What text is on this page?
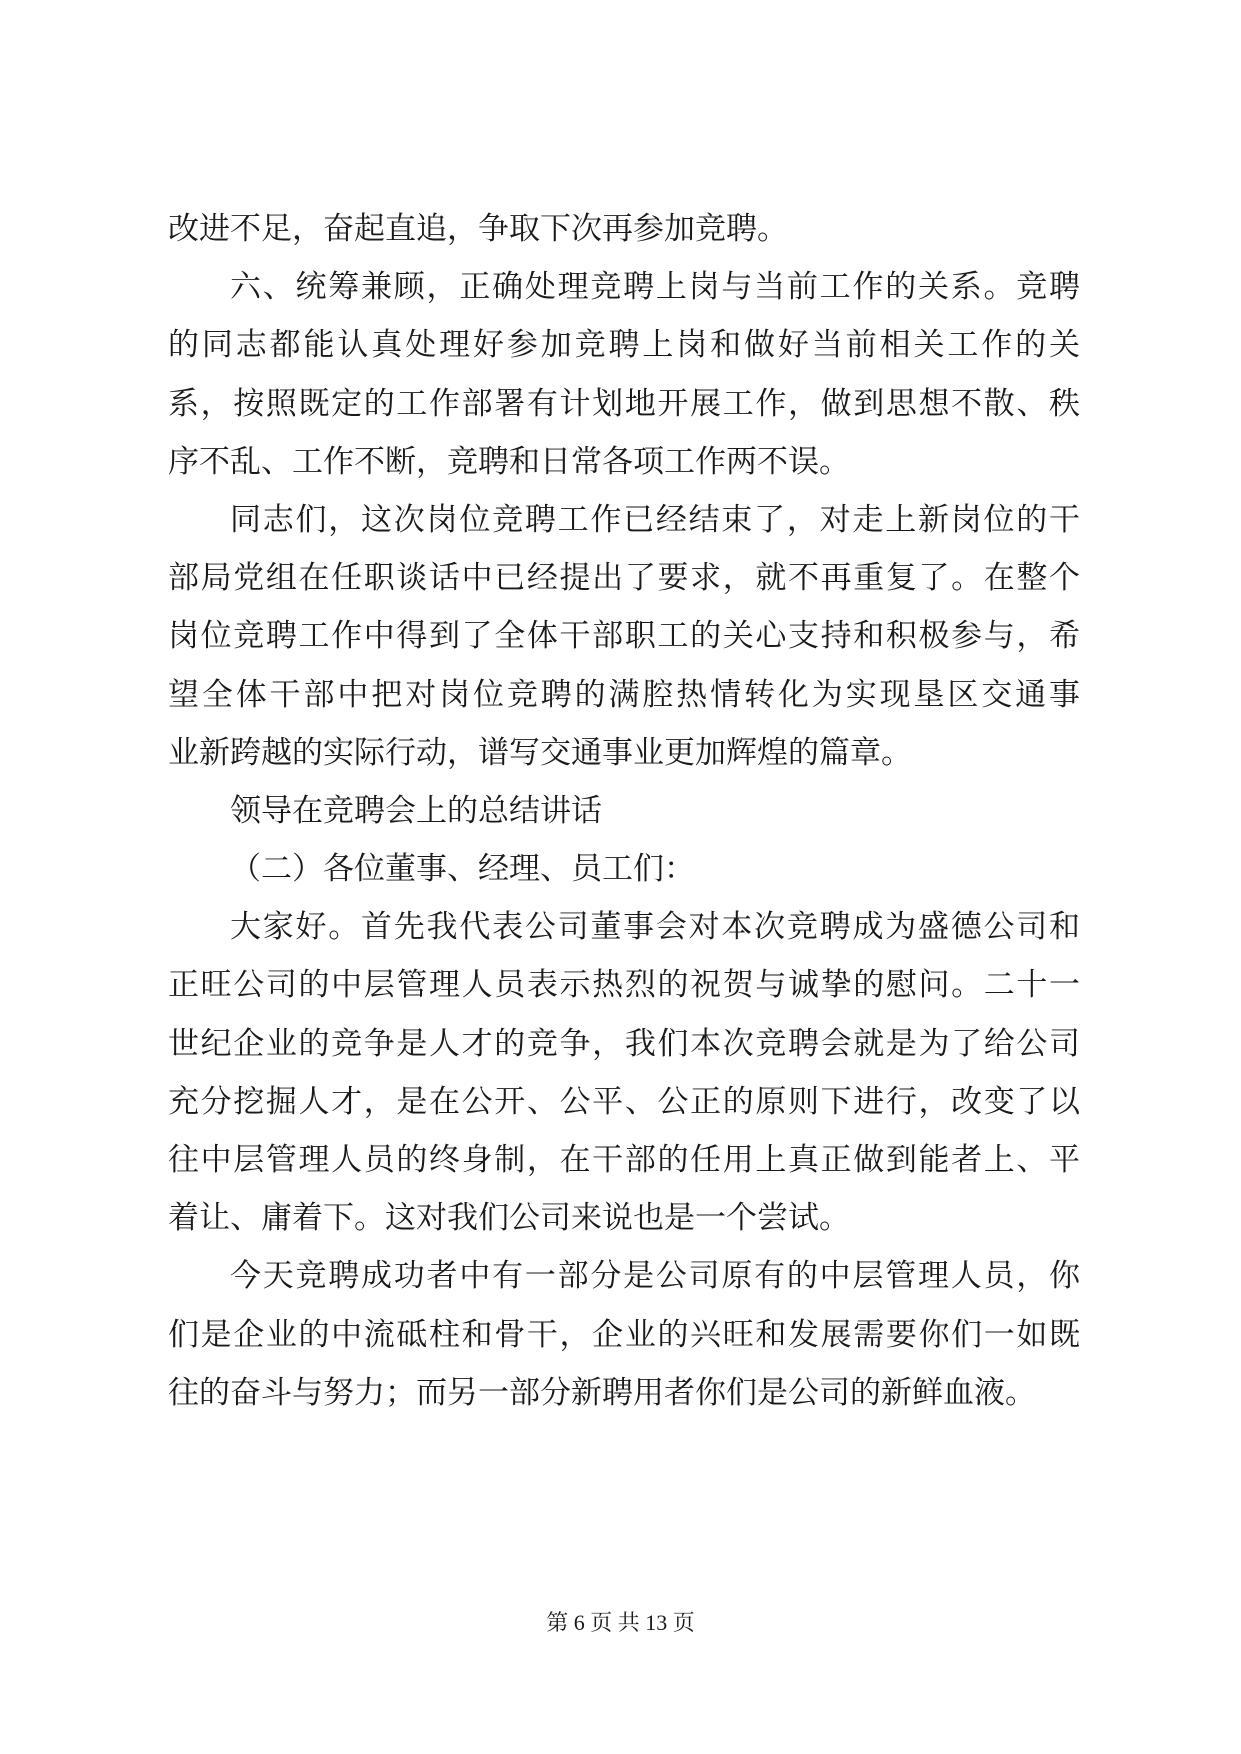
改进不足，奋起直追，争取下次再参加竞聘。
六、统筹兼顾，正确处理竞聘上岗与当前工作的关系。竞聘
的同志都能认真处理好参加竞聘上岗和做好当前相关工作的关
系，按照既定的工作部署有计划地开展工作，做到思想不散、秩
序不乱、工作不断，竞聘和日常各项工作两不误。
同志们，这次岗位竞聘工作已经结束了，对走上新岗位的干
部局党组在任职谈话中已经提出了要求，就不再重复了。在整个
岗位竞聘工作中得到了全体干部职工的关心支持和积极参与，希
望全体干部中把对岗位竞聘的满腔热情转化为实现垦区交通事
业新跨越的实际行动，谱写交通事业更加辉煌的篇章。
领导在竞聘会上的总结讲话
（二）各位董事、经理、员工们：
大家好。首先我代表公司董事会对本次竞聘成为盛德公司和
正旺公司的中层管理人员表示热烈的祝贺与诚挚的慰问。二十一
世纪企业的竞争是人才的竞争，我们本次竞聘会就是为了给公司
充分挖掘人才，是在公开、公平、公正的原则下进行，改变了以
往中层管理人员的终身制，在干部的任用上真正做到能者上、平
着让、庸着下。这对我们公司来说也是一个尝试。
今天竞聘成功者中有一部分是公司原有的中层管理人员，你
们是企业的中流砥柱和骨干，企业的兴旺和发展需要你们一如既
往的奋斗与努力；而另一部分新聘用者你们是公司的新鲜血液。
第 6 页 共 13 页
